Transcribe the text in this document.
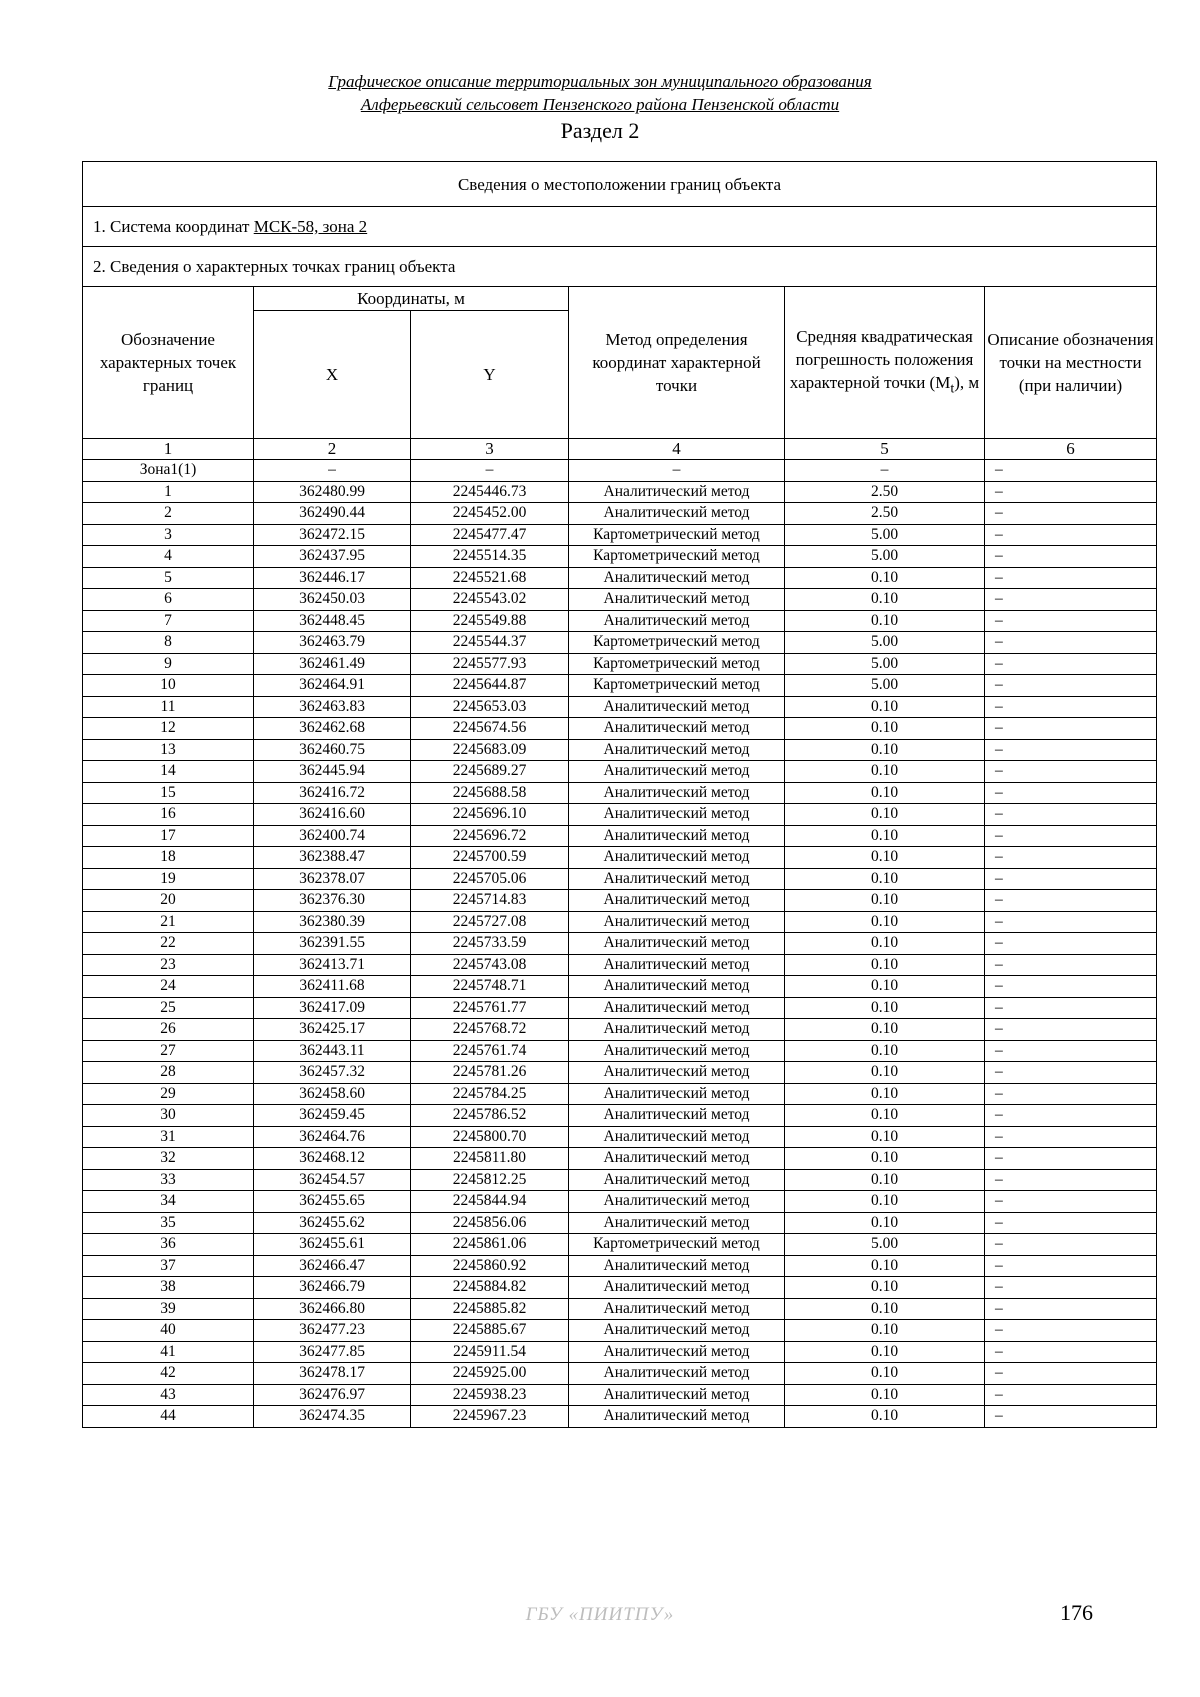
Графическое описание территориальных зон муниципального образования
Алферьевский сельсовет Пензенского района Пензенской области
Раздел 2
Сведения о местоположении границ объекта					
1. Система координат МСК-58, зона 2					
2. Сведения о характерных точках границ объекта					
Обозначение характерных точек границ	Координаты, м		Метод определения координат характерной точки	Средняя квадратическая погрешность положения характерной точки $(M_t)$, м	Описание обозначения точки на местности (при наличии)
	X	Y			
1	2	3	4	5	6
Зона1(1)	–	–	–	–	–
1	362480.99	2245446.73	Аналитический метод	2.50	–
2	362490.44	2245452.00	Аналитический метод	2.50	–
3	362472.15	2245477.47	Картометрический метод	5.00	–
4	362437.95	2245514.35	Картометрический метод	5.00	–
5	362446.17	2245521.68	Аналитический метод	0.10	–
6	362450.03	2245543.02	Аналитический метод	0.10	–
7	362448.45	2245549.88	Аналитический метод	0.10	–
8	362463.79	2245544.37	Картометрический метод	5.00	–
9	362461.49	2245577.93	Картометрический метод	5.00	–
10	362464.91	2245644.87	Картометрический метод	5.00	–
11	362463.83	2245653.03	Аналитический метод	0.10	–
12	362462.68	2245674.56	Аналитический метод	0.10	–
13	362460.75	2245683.09	Аналитический метод	0.10	–
14	362445.94	2245689.27	Аналитический метод	0.10	–
15	362416.72	2245688.58	Аналитический метод	0.10	–
16	362416.60	2245696.10	Аналитический метод	0.10	–
17	362400.74	2245696.72	Аналитический метод	0.10	–
18	362388.47	2245700.59	Аналитический метод	0.10	–
19	362378.07	2245705.06	Аналитический метод	0.10	–
20	362376.30	2245714.83	Аналитический метод	0.10	–
21	362380.39	2245727.08	Аналитический метод	0.10	–
22	362391.55	2245733.59	Аналитический метод	0.10	–
23	362413.71	2245743.08	Аналитический метод	0.10	–
24	362411.68	2245748.71	Аналитический метод	0.10	–
25	362417.09	2245761.77	Аналитический метод	0.10	–
26	362425.17	2245768.72	Аналитический метод	0.10	–
27	362443.11	2245761.74	Аналитический метод	0.10	–
28	362457.32	2245781.26	Аналитический метод	0.10	–
29	362458.60	2245784.25	Аналитический метод	0.10	–
30	362459.45	2245786.52	Аналитический метод	0.10	–
31	362464.76	2245800.70	Аналитический метод	0.10	–
32	362468.12	2245811.80	Аналитический метод	0.10	–
33	362454.57	2245812.25	Аналитический метод	0.10	–
34	362455.65	2245844.94	Аналитический метод	0.10	–
35	362455.62	2245856.06	Аналитический метод	0.10	–
36	362455.61	2245861.06	Картометрический метод	5.00	–
37	362466.47	2245860.92	Аналитический метод	0.10	–
38	362466.79	2245884.82	Аналитический метод	0.10	–
39	362466.80	2245885.82	Аналитический метод	0.10	–
40	362477.23	2245885.67	Аналитический метод	0.10	–
41	362477.85	2245911.54	Аналитический метод	0.10	–
42	362478.17	2245925.00	Аналитический метод	0.10	–
43	362476.97	2245938.23	Аналитический метод	0.10	–
44	362474.35	2245967.23	Аналитический метод	0.10	–
ГБУ «ПИИТПУ»	176
